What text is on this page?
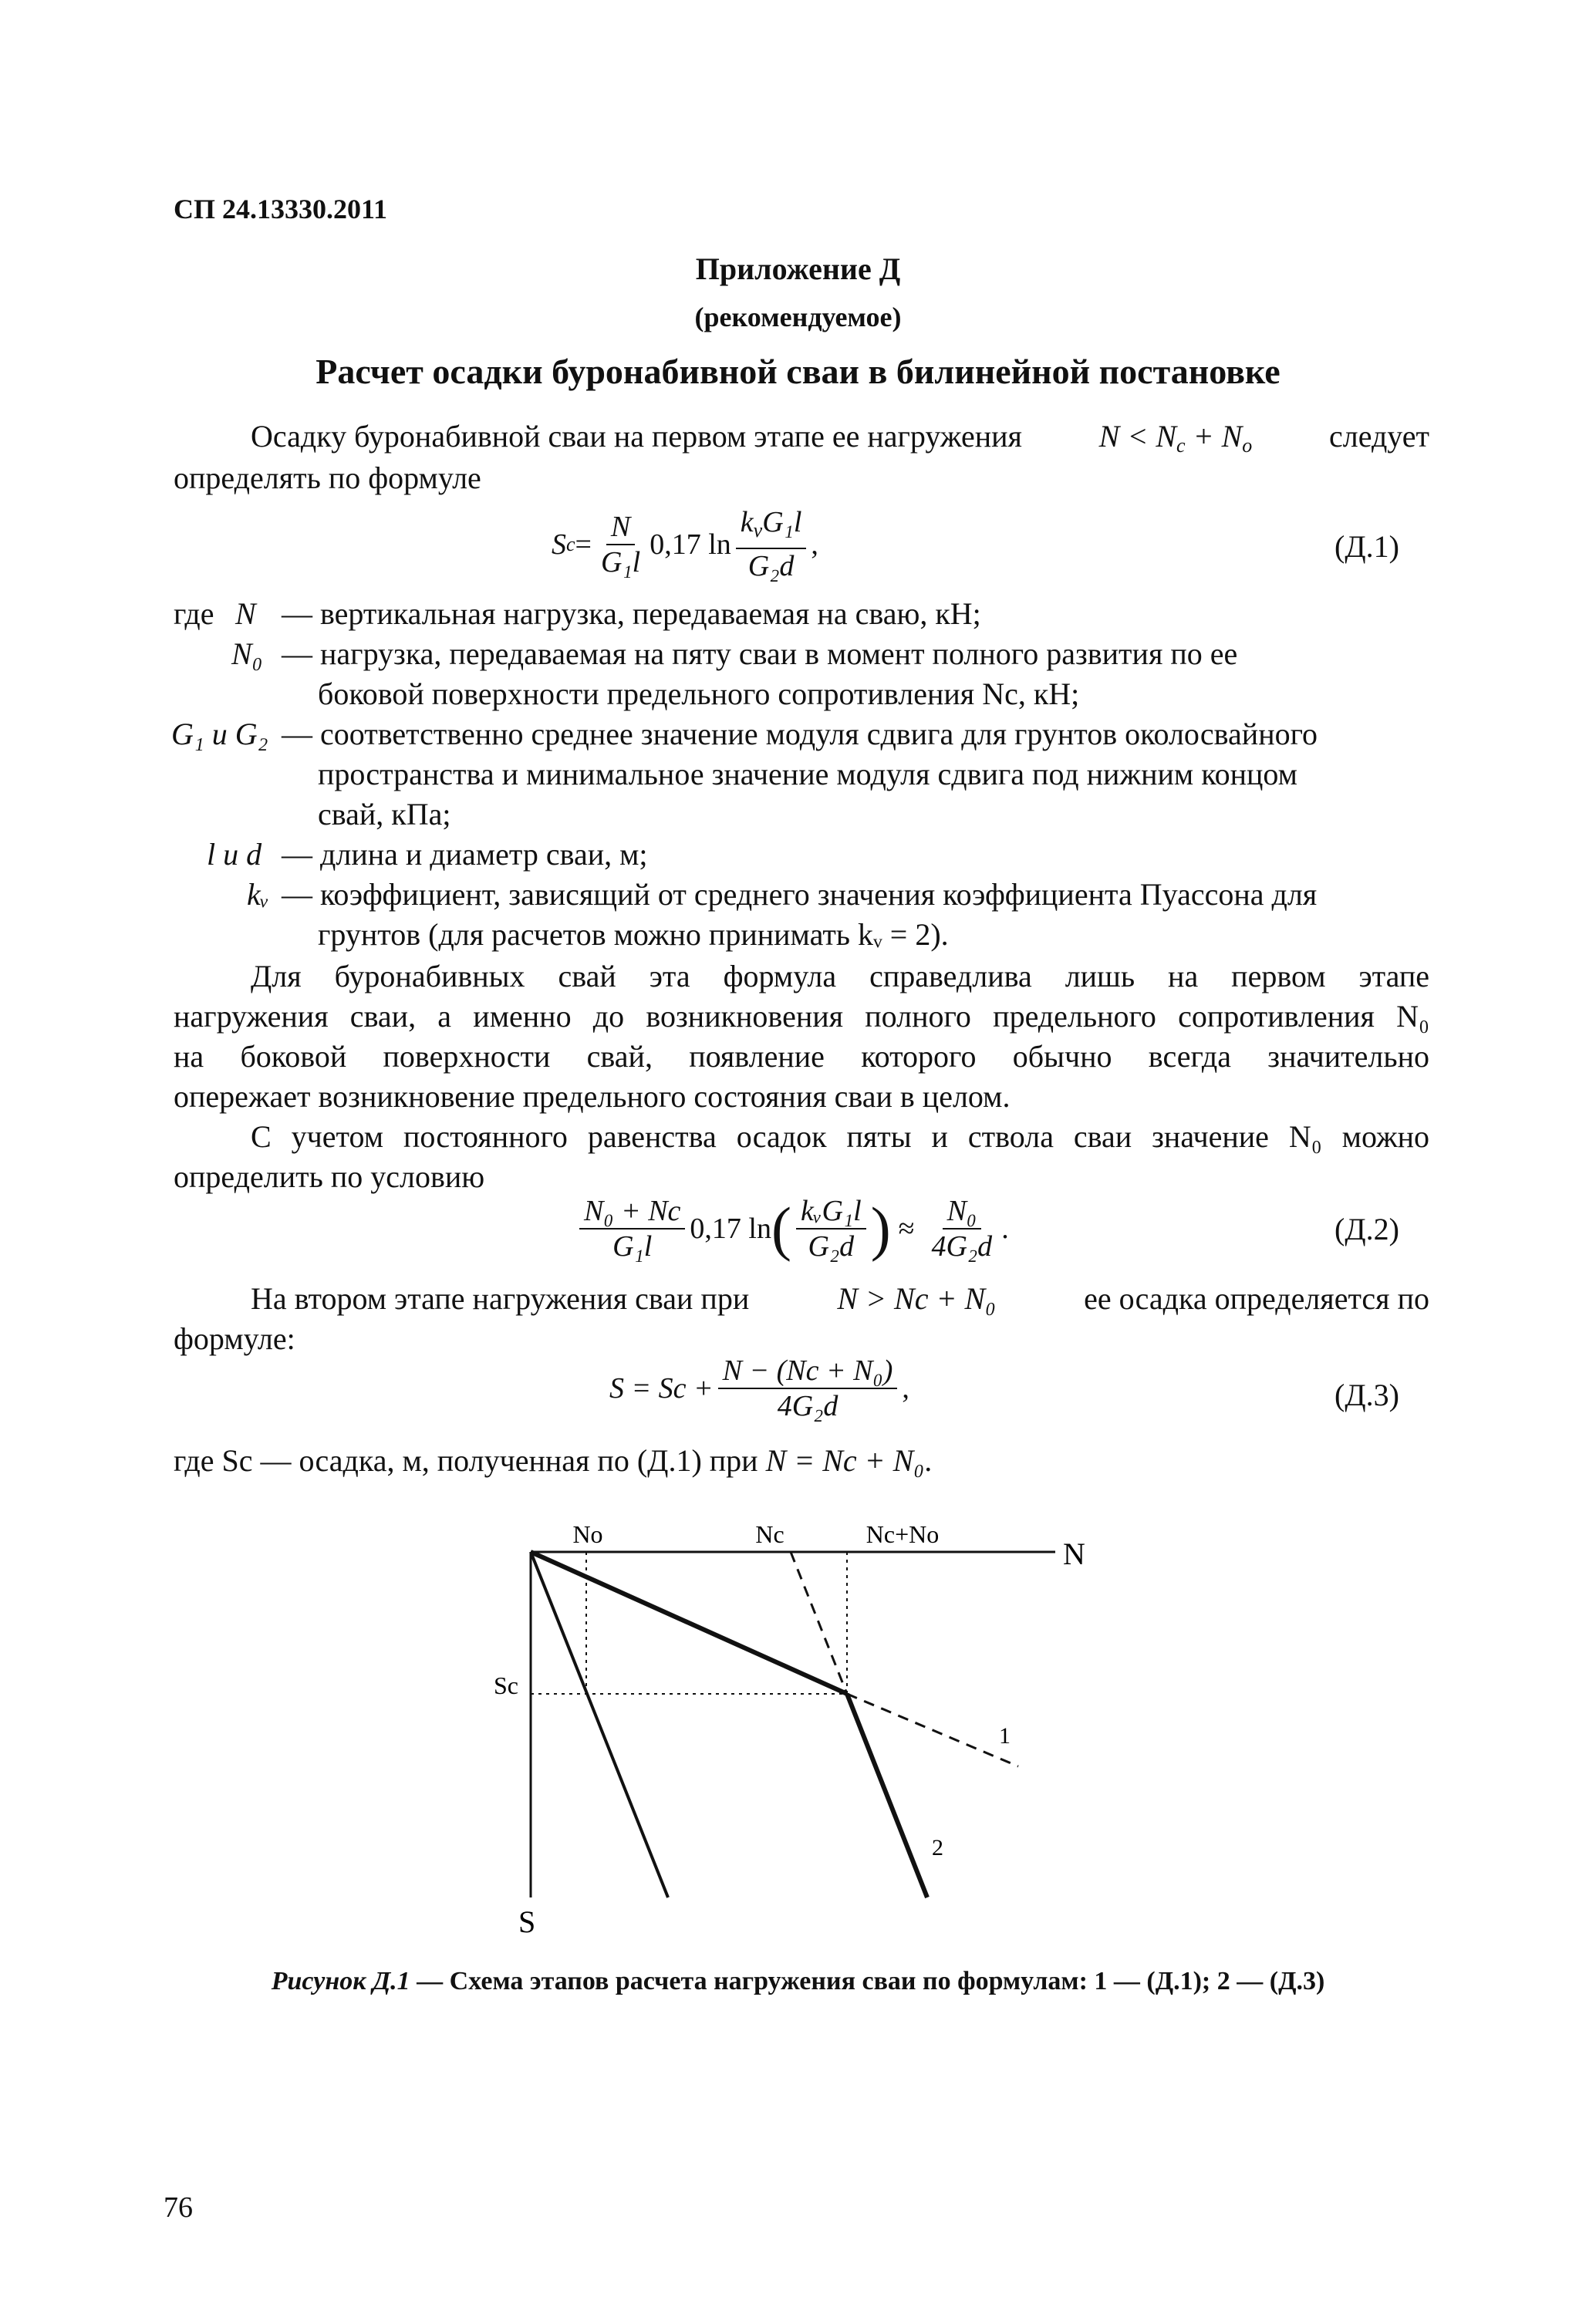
СП 24.13330.2011
Приложение Д
(рекомендуемое)
Расчет осадки буронабивной сваи в билинейной постановке
Осадку буронабивной сваи на первом этапе ее нагружения $N < N_c + N_o$ следует
определять по формуле
S $c = \frac{N}{\text{G₁l}} 0,17$ $\ln \frac{k_vG_1l}{\text{G₂d}}$ ,	(Д.1)
где N — вертикальная нагрузка, передаваемая на сваю, кН;
N₀ — нагрузка, передаваемая на пяту сваи в момент полного развития по ее
боковой поверхности предельного сопротивления Nс, кН;
G₁ и G₂ — соответственно среднее значение модуля сдвига для грунтов околосвайного
пространства и минимальное значение модуля сдвига под нижним концом
свай, кПа;
l и d — длина и диаметр сваи, м;
kᵥ — коэффициент, зависящий от среднего значения коэффициента Пуассона для
грунтов (для расчетов можно принимать kᵥ = 2).
Для буронабивных свай эта формула справедлива лишь на первом этапе
нагружения сваи, а именно до возникновения полного предельного сопротивления N₀
на боковой поверхности свай, появление которого обычно всегда значительно
опережает возникновение предельного состояния сваи в целом.
С учетом постоянного равенства осадок пяты и ствола сваи значение N₀ можно
определить по условию
$\frac{\text{N₀ + Nс}}{\text{G₁l}} 0,17$ ln ( $\frac{\text{kᵥG₁l}}{\text{G₂d}}$ ) ≈ $\frac{\text{N₀}}{\text{4G₂d}}$ .	(Д.2)
На втором этапе нагружения сваи при	N > Nс + N₀	ее осадка определяется по
формуле:
S = Sс + $\frac{\text{N − (Nс + N₀)}}{\text{4G₂d}}$ ,	(Д.3)
где Sс — осадка, м, полученная по (Д.1) при N = Nс + N₀.
No	Nc	Nc+No
N
Sc
S
1
2
Рисунок Д.1 — Схема этапов расчета нагружения сваи по формулам: 1 — (Д.1); 2 — (Д.3)
76
